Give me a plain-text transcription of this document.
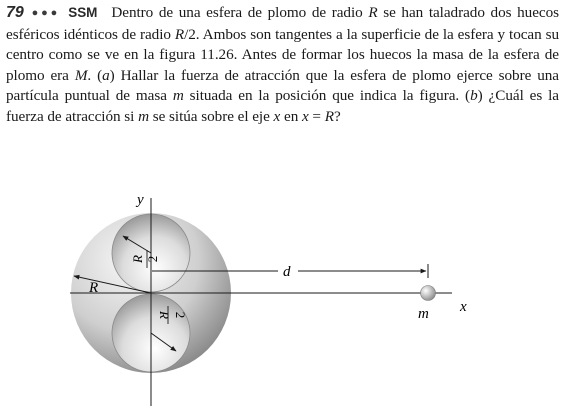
79 ●●● SSM Dentro de una esfera de plomo de radio R se han taladrado dos huecos esféricos idénticos de radio R/2. Ambos son tangentes a la superficie de la esfera y tocan su centro como se ve en la figura 11.26. Antes de formar los huecos la masa de la esfera de plomo era M. (a) Hallar la fuerza de atracción que la esfera de plomo ejerce sobre una partícula puntual de masa m situada en la posición que indica la figura. (b) ¿Cuál es la fuerza de atracción si m se sitúa sobre el eje x en x = R?
R 2
R 2
y
x
R
d
m
